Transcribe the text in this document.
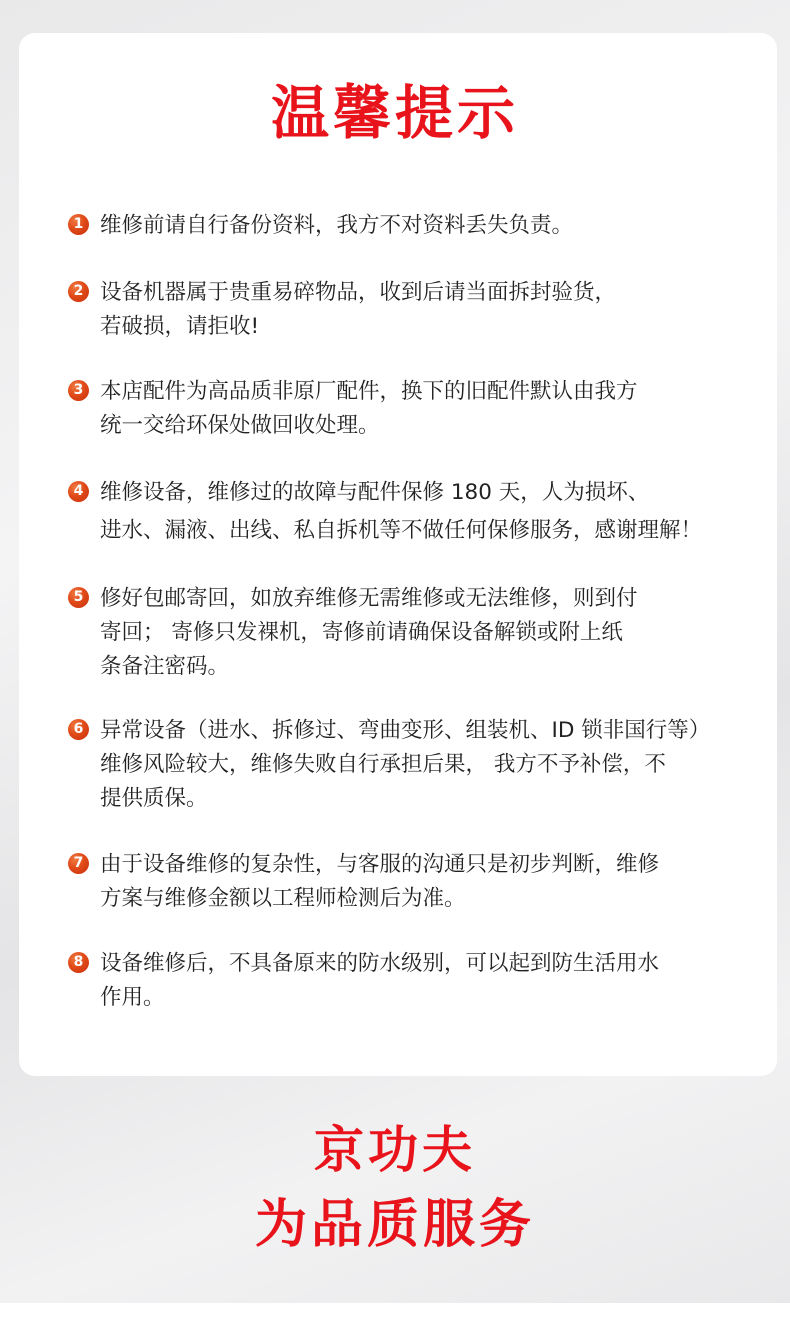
温馨提示
1 维修前请自行备份资料，我方不对资料丢失负责。
2 设备机器属于贵重易碎物品，收到后请当面拆封验货，
若破损，请拒收!
3 本店配件为高品质非原厂配件，换下的旧配件默认由我方
统一交给环保处做回收处理。
4 维修设备，维修过的故障与配件保修 180 天，人为损坏、
进水、漏液、出线、私自拆机等不做任何保修服务，感谢理解！
5 修好包邮寄回，如放弃维修无需维修或无法维修，则到付
寄回； 寄修只发裸机，寄修前请确保设备解锁或附上纸
条备注密码。
6 异常设备（进水、拆修过、弯曲变形、组装机、ID 锁非国行等）
维修风险较大，维修失败自行承担后果， 我方不予补偿，不
提供质保。
7 由于设备维修的复杂性，与客服的沟通只是初步判断，维修
方案与维修金额以工程师检测后为准。
8 设备维修后，不具备原来的防水级别，可以起到防生活用水
作用。
京功夫
为品质服务
